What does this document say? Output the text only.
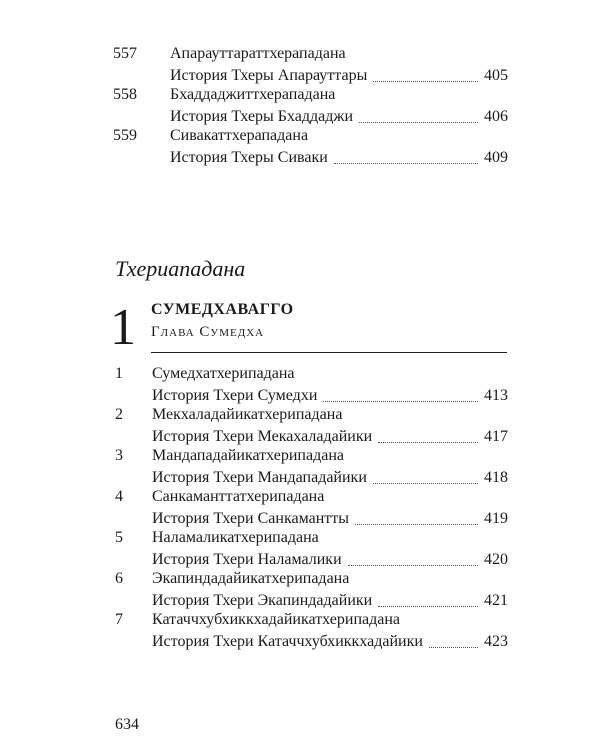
557 Апарауттараттхерападана
История Тхеры Апарауттары	405
558 Бхаддаджиттхерападана
История Тхеры Бхаддаджи	406
559 Сивакаттхерападана
История Тхеры Сиваки	409
Тхериападана
1 СУМЕДХАВАГГО
Глава Сумедха
1 Сумедхатхерипадана
История Тхери Сумедхи	413
2 Мекхаладайикатхерипадана
История Тхери Мекахаладайики	417
3 Мандападайикатхерипадана
История Тхери Мандападайики	418
4 Санкаманттатхерипадана
История Тхери Санкамантты	419
5 Наламаликатхерипадана
История Тхери Наламалики	420
6 Экапиндадайикатхерипадана
История Тхери Экапиндадайики	421
7 Катаччхубхиккхадайикатхерипадана
История Тхери Катаччхубхиккхадайики	423
634
